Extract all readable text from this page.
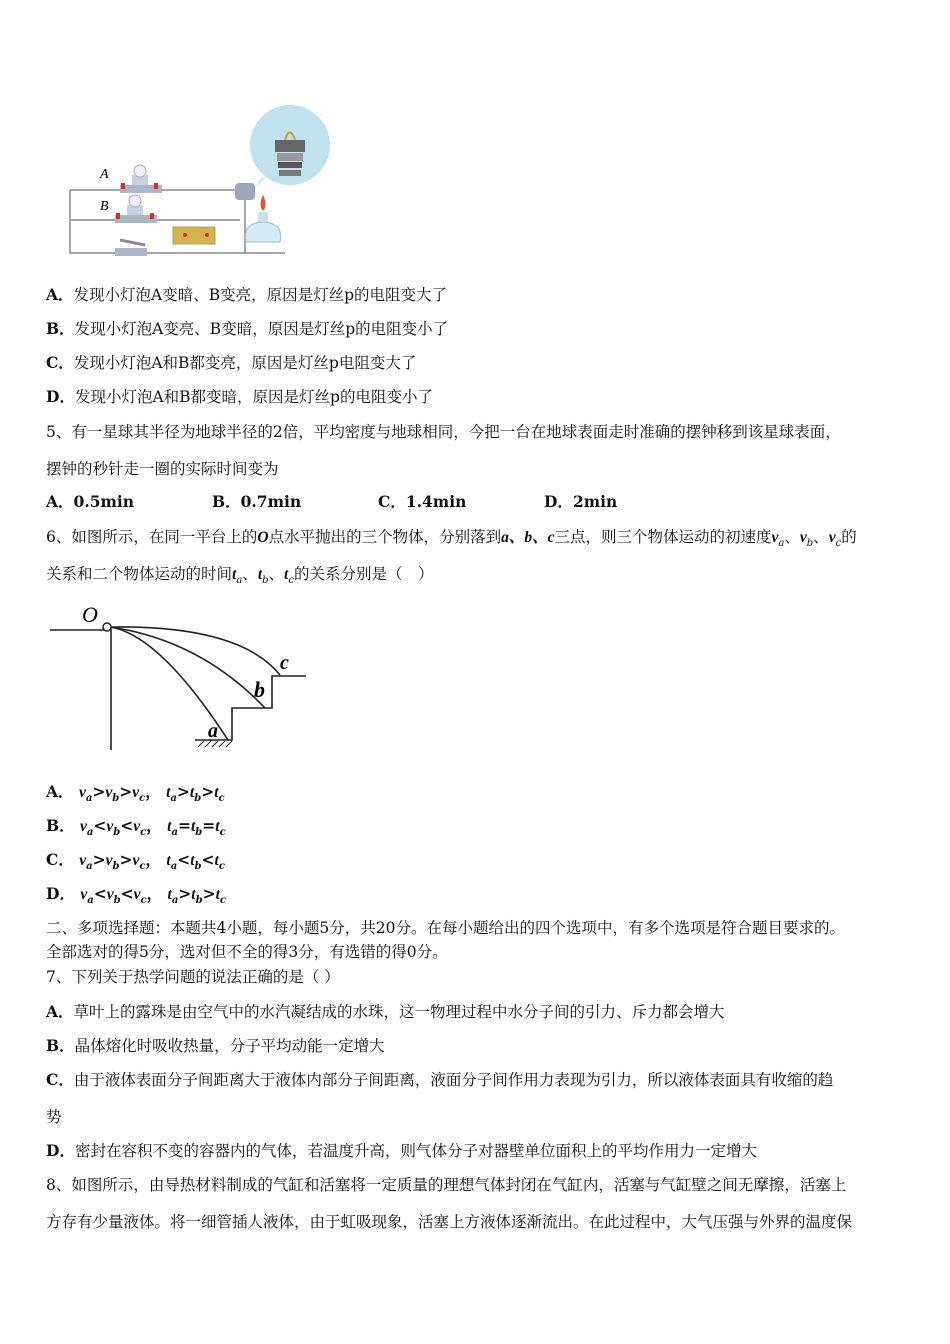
A
B
A．发现小灯泡A变暗、B变亮，原因是灯丝p的电阻变大了
B．发现小灯泡A变亮、B变暗，原因是灯丝p的电阻变小了
C．发现小灯泡A和B都变亮，原因是灯丝p电阻变大了
D．发现小灯泡A和B都变暗，原因是灯丝p的电阻变小了
5、有一星球其半径为地球半径的2倍，平均密度与地球相同，今把一台在地球表面走时准确的摆钟移到该星球表面，
摆钟的秒针走一圈的实际时间变为
A．0.5min	B．0.7min	C．1.4min	D．2min
6、如图所示，在同一平台上的O点水平抛出的三个物体，分别落到a、b、c三点，则三个物体运动的初速度$v_a$、$v_b$、$v_c$的
关系和二个物体运动的时间$t_a$、$t_b$、$t_c$的关系分别是（　）
O
a
b
c
A． $v_a>v_b>v_c$， $t_a>t_b>t_c$
B． $v_a<v_b<v_c$， $t_a=t_b=t_c$
C． $v_a>v_b>v_c$， $t_a<t_b<t_c$
D． $v_a<v_b<v_c$， $t_a>t_b>t_c$
二、多项选择题：本题共4小题，每小题5分，共20分。在每小题给出的四个选项中，有多个选项是符合题目要求的。
全部选对的得5分，选对但不全的得3分，有选错的得0分。
7、下列关于热学问题的说法正确的是（ ）
A．草叶上的露珠是由空气中的水汽凝结成的水珠，这一物理过程中水分子间的引力、斥力都会增大
B．晶体熔化时吸收热量，分子平均动能一定增大
C．由于液体表面分子间距离大于液体内部分子间距离，液面分子间作用力表现为引力，所以液体表面具有收缩的趋
势
D．密封在容积不变的容器内的气体，若温度升高，则气体分子对器壁单位面积上的平均作用力一定增大
8、如图所示，由导热材料制成的气缸和活塞将一定质量的理想气体封闭在气缸内，活塞与气缸壁之间无摩擦，活塞上
方存有少量液体。将一细管插人液体，由于虹吸现象，活塞上方液体逐渐流出。在此过程中，大气压强与外界的温度保
